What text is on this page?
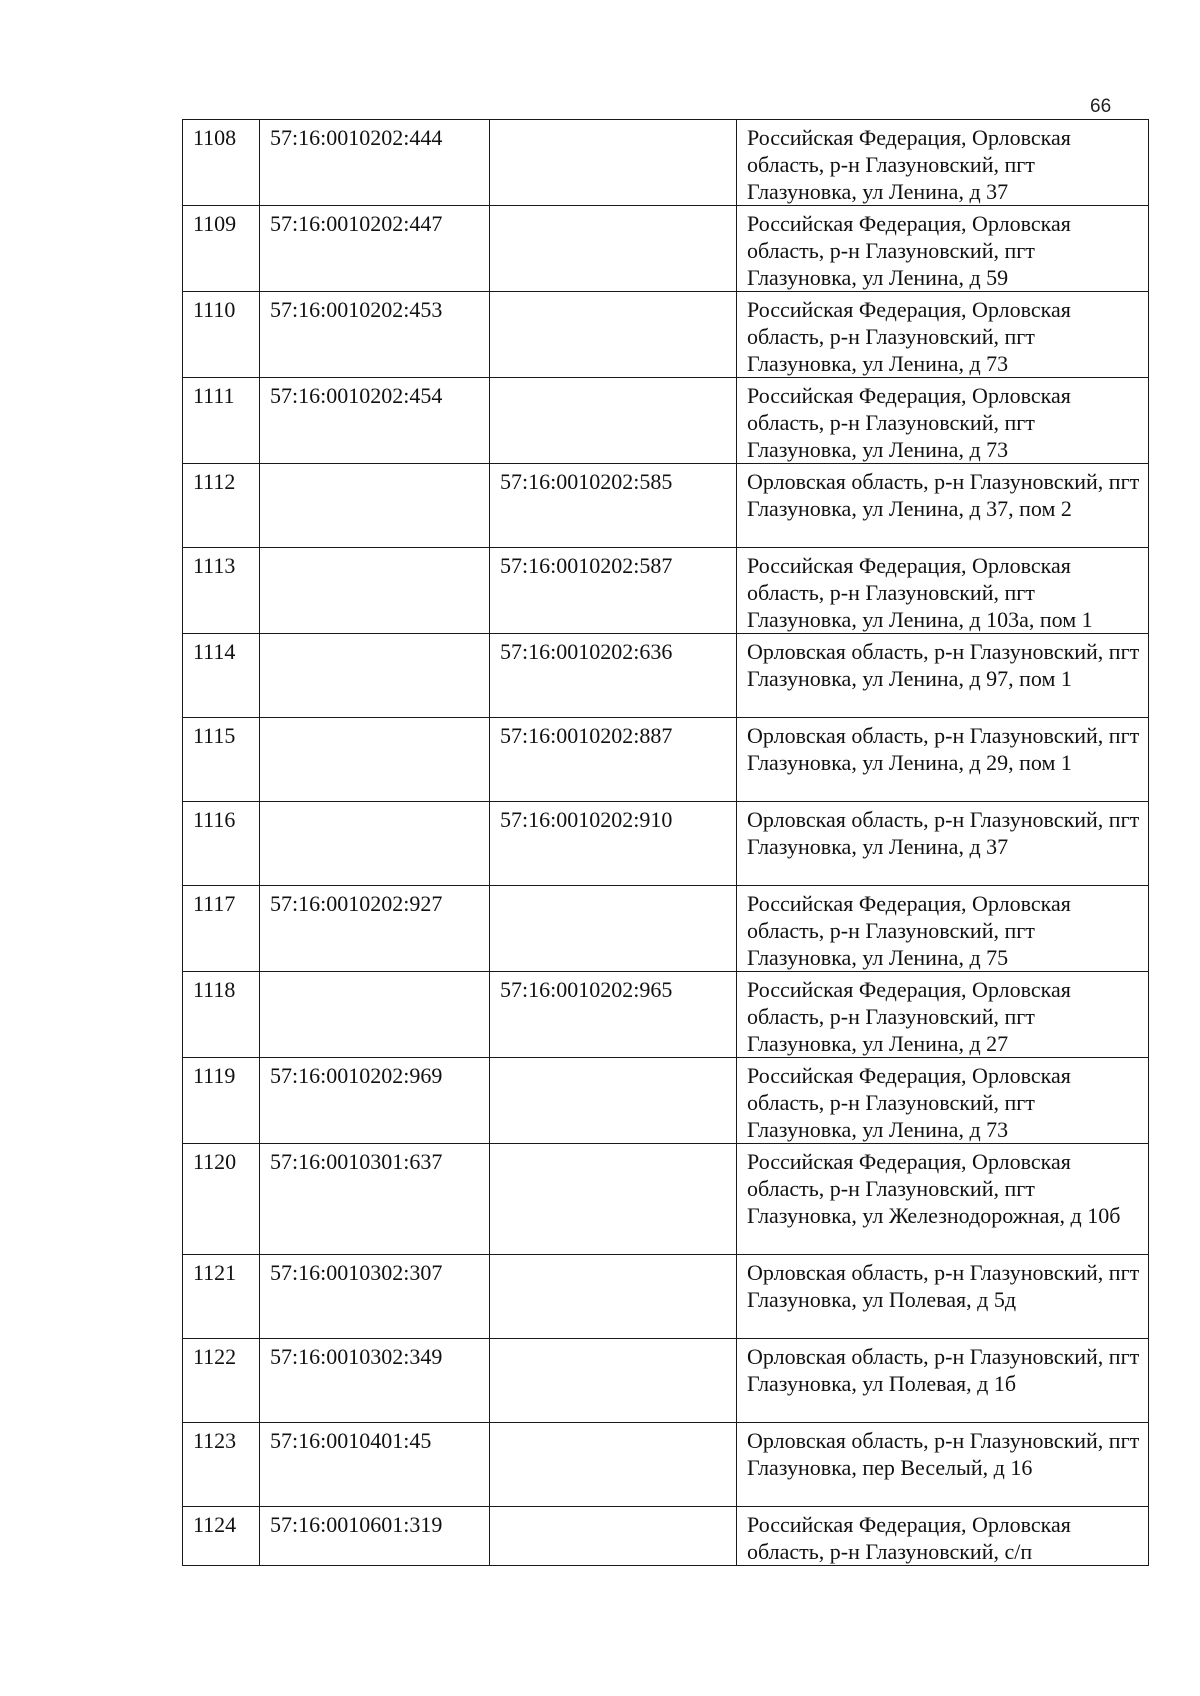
66
1108	57:16:0010202:444		Российская Федерация, Орловская область, р-н Глазуновский, пгт Глазуновка, ул Ленина, д 37
1109	57:16:0010202:447		Российская Федерация, Орловская область, р-н Глазуновский, пгт Глазуновка, ул Ленина, д 59
1110	57:16:0010202:453		Российская Федерация, Орловская область, р-н Глазуновский, пгт Глазуновка, ул Ленина, д 73
1111	57:16:0010202:454		Российская Федерация, Орловская область, р-н Глазуновский, пгт Глазуновка, ул Ленина, д 73
1112		57:16:0010202:585	Орловская область, р-н Глазуновский, пгт Глазуновка, ул Ленина, д 37, пом 2
1113		57:16:0010202:587	Российская Федерация, Орловская область, р-н Глазуновский, пгт Глазуновка, ул Ленина, д 103а, пом 1
1114		57:16:0010202:636	Орловская область, р-н Глазуновский, пгт Глазуновка, ул Ленина, д 97, пом 1
1115		57:16:0010202:887	Орловская область, р-н Глазуновский, пгт Глазуновка, ул Ленина, д 29, пом 1
1116		57:16:0010202:910	Орловская область, р-н Глазуновский, пгт Глазуновка, ул Ленина, д 37
1117	57:16:0010202:927		Российская Федерация, Орловская область, р-н Глазуновский, пгт Глазуновка, ул Ленина, д 75
1118		57:16:0010202:965	Российская Федерация, Орловская область, р-н Глазуновский, пгт Глазуновка, ул Ленина, д 27
1119	57:16:0010202:969		Российская Федерация, Орловская область, р-н Глазуновский, пгт Глазуновка, ул Ленина, д 73
1120	57:16:0010301:637		Российская Федерация, Орловская область, р-н Глазуновский, пгт Глазуновка, ул Железнодорожная, д 10б
1121	57:16:0010302:307		Орловская область, р-н Глазуновский, пгт Глазуновка, ул Полевая, д 5д
1122	57:16:0010302:349		Орловская область, р-н Глазуновский, пгт Глазуновка, ул Полевая, д 1б
1123	57:16:0010401:45		Орловская область, р-н Глазуновский, пгт Глазуновка, пер Веселый, д 16
1124	57:16:0010601:319		Российская Федерация, Орловская область, р-н Глазуновский, с/п
